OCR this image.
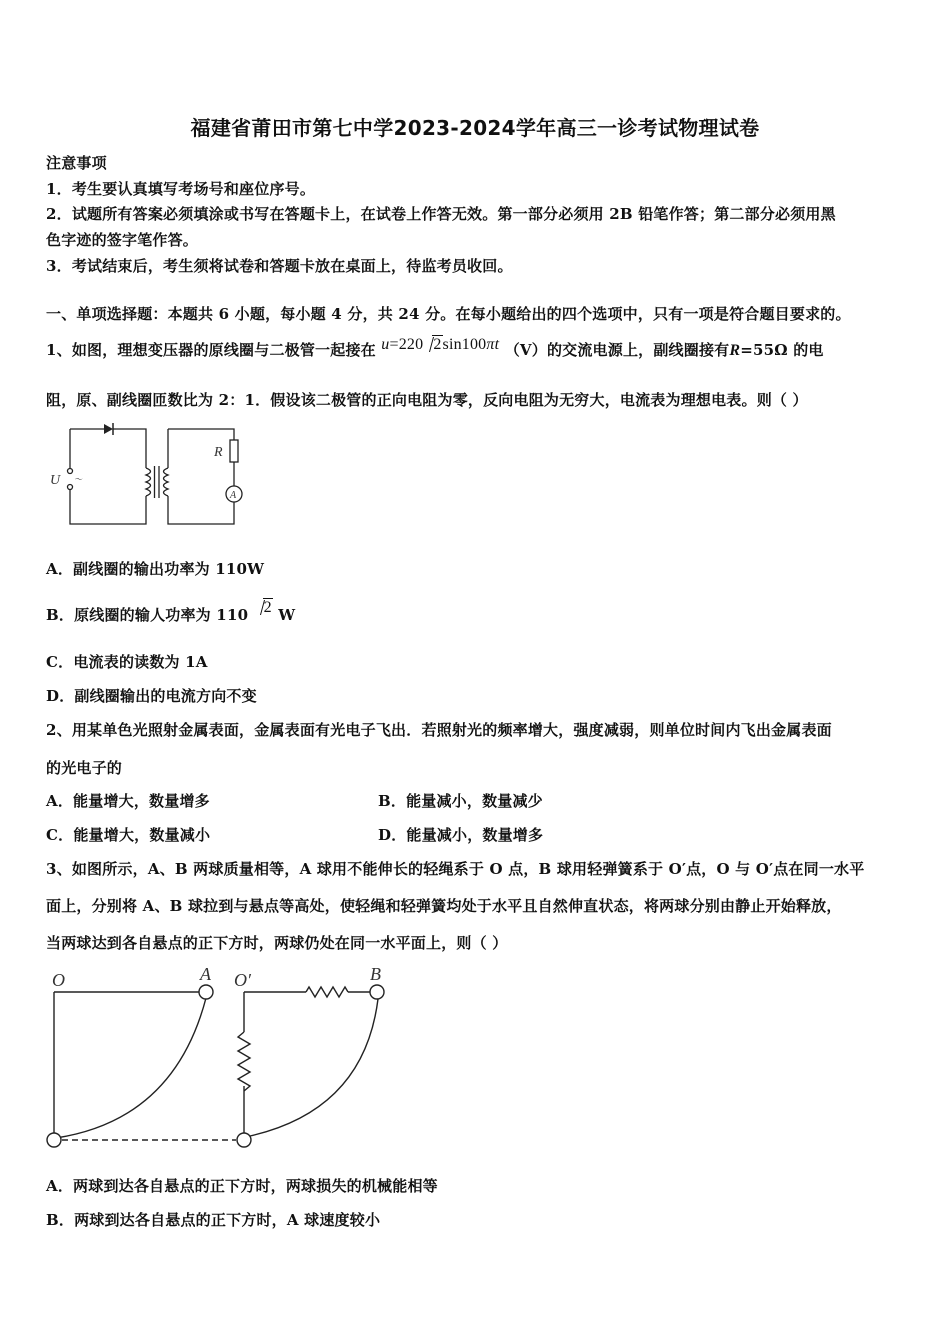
福建省莆田市第七中学2023-2024学年高三一诊考试物理试卷
注意事项
1．考生要认真填写考场号和座位序号。
2．试题所有答案必须填涂或书写在答题卡上，在试卷上作答无效。第一部分必须用 2B 铅笔作答；第二部分必须用黑
色字迹的签字笔作答。
3．考试结束后，考生须将试卷和答题卡放在桌面上，待监考员收回。
一、单项选择题：本题共 6 小题，每小题 4 分，共 24 分。在每小题给出的四个选项中，只有一项是符合题目要求的。
1、如图，理想变压器的原线圈与二极管一起接在 u=220 2sin100πt （V）的交流电源上，副线圈接有R=55Ω 的电
阻，原、副线圈匝数比为 2：1．假设该二极管的正向电阻为零，反向电阻为无穷大，电流表为理想电表。则（ ）
～
U
R
A
A．副线圈的输出功率为 110W
B．原线圈的输人功率为 110 2 W
C．电流表的读数为 1A
D．副线圈输出的电流方向不变
2、用某单色光照射金属表面，金属表面有光电子飞出．若照射光的频率增大，强度减弱，则单位时间内飞出金属表面
的光电子的
A．能量增大，数量增多	B．能量减小，数量减少
C．能量增大，数量减小	D．能量减小，数量增多
3、如图所示，A、B 两球质量相等，A 球用不能伸长的轻绳系于 O 点，B 球用轻弹簧系于 O′点，O 与 O′点在同一水平
面上，分别将 A、B 球拉到与悬点等高处，使轻绳和轻弹簧均处于水平且自然伸直状态，将两球分别由静止开始释放，
当两球达到各自悬点的正下方时，两球仍处在同一水平面上，则（ ）
O	A O′	B
A．两球到达各自悬点的正下方时，两球损失的机械能相等
B．两球到达各自悬点的正下方时，A 球速度较小
